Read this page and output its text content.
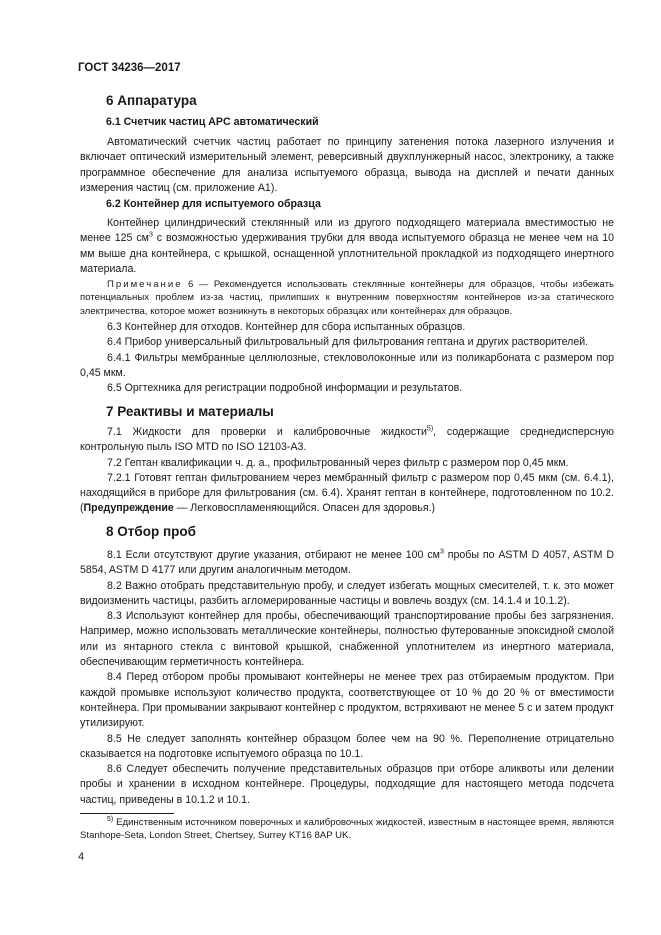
ГОСТ 34236—2017
6 Аппаратура
6.1 Счетчик частиц APC автоматический

Автоматический счетчик частиц работает по принципу затенения потока лазерного излучения и включает оптический измерительный элемент, реверсивный двухплунжерный насос, электронику, а также программное обеспечение для анализа испытуемого образца, вывода на дисплей и печати данных измерения частиц (см. приложение А1).

6.2 Контейнер для испытуемого образца

Контейнер цилиндрический стеклянный или из другого подходящего материала вместимостью не менее 125 $см^3$ с возможностью удерживания трубки для ввода испытуемого образца не менее чем на 10 мм выше дна контейнера, с крышкой, оснащенной уплотнительной прокладкой из подходящего инертного материала.

Примечание 6 — Рекомендуется использовать стеклянные контейнеры для образцов, чтобы избежать потенциальных проблем из-за частиц, прилипших к внутренним поверхностям контейнеров из-за статического электричества, которое может возникнуть в некоторых образцах или контейнерах для образцов.

6.3 Контейнер для отходов. Контейнер для сбора испытанных образцов.

6.4 Прибор универсальный фильтровальный для фильтрования гептана и других растворителей.

6.4.1 Фильтры мембранные целлюлозные, стекловолоконные или из поликарбоната с размером пор 0,45 мкм.

6.5 Оргтехника для регистрации подробной информации и результатов.

7 Реактивы и материалы

7.1 Жидкости для проверки и калибровочные жидкости$^{5)}$, содержащие среднедисперсную контрольную пыль ISO MTD по ISO 12103-А3.

7.2 Гептан квалификации ч. д. а., профильтрованный через фильтр с размером пор 0,45 мкм.

7.2.1 Готовят гептан фильтрованием через мембранный фильтр с размером пор 0,45 мкм (см. 6.4.1), находящийся в приборе для фильтрования (см. 6.4). Хранят гептан в контейнере, подготовленном по 10.2. (Предупреждение — Легковоспламеняющийся. Опасен для здоровья.)

8 Отбор проб

8.1 Если отсутствуют другие указания, отбирают не менее 100 $см^3$ пробы по ASTM D 4057, ASTM D 5854, ASTM D 4177 или другим аналогичным методом.

8.2 Важно отобрать представительную пробу, и следует избегать мощных смесителей, т. к. это может видоизменить частицы, разбить агломерированные частицы и вовлечь воздух (см. 14.1.4 и 10.1.2).

8.3 Используют контейнер для пробы, обеспечивающий транспортирование пробы без загрязнения. Например, можно использовать металлические контейнеры, полностью футерованные эпоксидной смолой или из янтарного стекла с винтовой крышкой, снабженной уплотнителем из инертного материала, обеспечивающим герметичность контейнера.

8.4 Перед отбором пробы промывают контейнеры не менее трех раз отбираемым продуктом. При каждой промывке используют количество продукта, соответствующее от 10 % до 20 % от вместимости контейнера. При промывании закрывают контейнер с продуктом, встряхивают не менее 5 с и затем продукт утилизируют.

8.5 Не следует заполнять контейнер образцом более чем на 90 %. Переполнение отрицательно сказывается на подготовке испытуемого образца по 10.1.

8.6 Следует обеспечить получение представительных образцов при отборе аликвоты или делении пробы и хранении в исходном контейнере. Процедуры, подходящие для настоящего метода подсчета частиц, приведены в 10.1.2 и 10.1.

$^{5)}$ Единственным источником поверочных и калибровочных жидкостей, известным в настоящее время, являются Stanhope-Seta, London Street, Chertsey, Surrey KT16 8AP UK.

4
